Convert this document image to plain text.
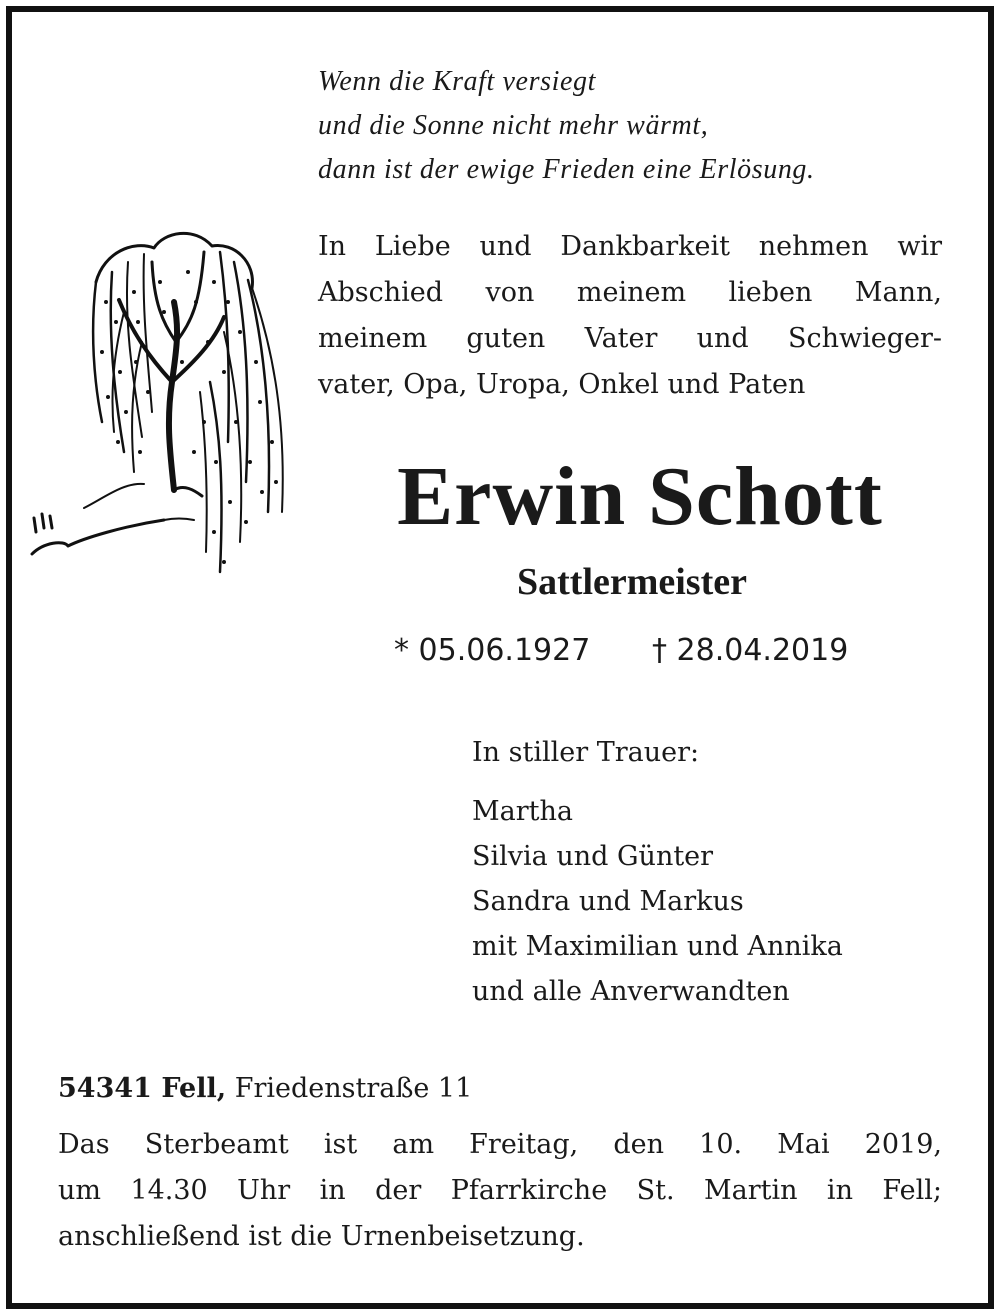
Wenn die Kraft versiegt
und die Sonne nicht mehr wärmt,
dann ist der ewige Frieden eine Erlösung.
In Liebe und Dankbarkeit nehmen wir
Abschied von meinem lieben Mann,
meinem guten Vater und Schwieger-
vater, Opa, Uropa, Onkel und Paten
Erwin Schott
Sattlermeister
* 05.06.1927 † 28.04.2019
In stiller Trauer:
Martha
Silvia und Günter
Sandra und Markus
mit Maximilian und Annika
und alle Anverwandten
54341 Fell, Friedenstraße 11
Das Sterbeamt ist am Freitag, den 10. Mai 2019,
um 14.30 Uhr in der Pfarrkirche St. Martin in Fell;
anschließend ist die Urnenbeisetzung.
